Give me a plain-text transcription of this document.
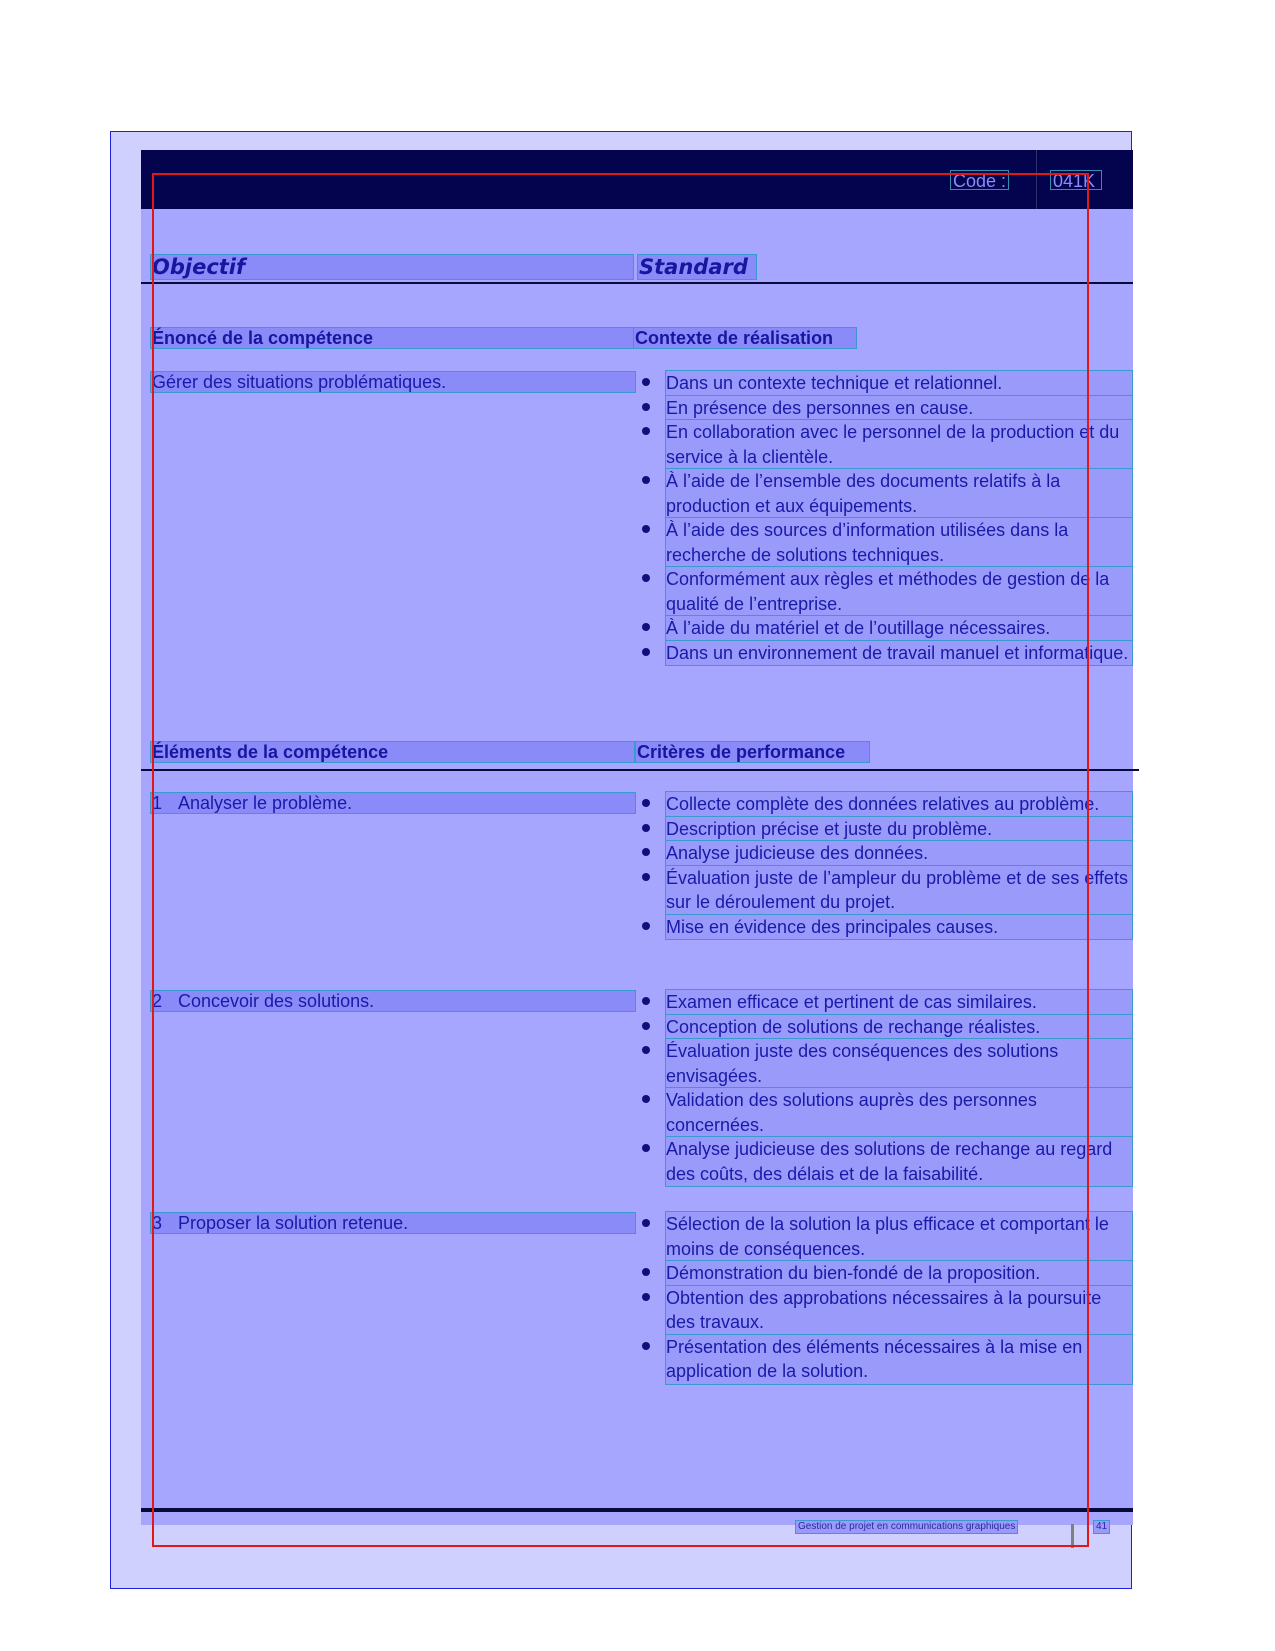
Code :	041K
Objectif	Standard
Énoncé de la compétence	Contexte de réalisation
Gérer des situations problématiques.	Dans un contexte technique et relationnel.
En présence des personnes en cause.
En collaboration avec le personnel de la production et du service à la clientèle.
À l’aide de l’ensemble des documents relatifs à la production et aux équipements.
À l’aide des sources d’information utilisées dans la recherche de solutions techniques.
Conformément aux règles et méthodes de gestion de la qualité de l’entreprise.
À l’aide du matériel et de l’outillage nécessaires.
Dans un environnement de travail manuel et informatique.
Éléments de la compétence	Critères de performance
1 Analyser le problème.	Collecte complète des données relatives au problème.
Description précise et juste du problème.
Analyse judicieuse des données.
Évaluation juste de l’ampleur du problème et de ses effets sur le déroulement du projet.
Mise en évidence des principales causes.
2 Concevoir des solutions.	Examen efficace et pertinent de cas similaires.
Conception de solutions de rechange réalistes.
Évaluation juste des conséquences des solutions envisagées.
Validation des solutions auprès des personnes concernées.
Analyse judicieuse des solutions de rechange au regard des coûts, des délais et de la faisabilité.
3 Proposer la solution retenue.	Sélection de la solution la plus efficace et comportant le moins de conséquences.
Démonstration du bien-fondé de la proposition.
Obtention des approbations nécessaires à la poursuite des travaux.
Présentation des éléments nécessaires à la mise en application de la solution.
Gestion de projet en communications graphiques	41
